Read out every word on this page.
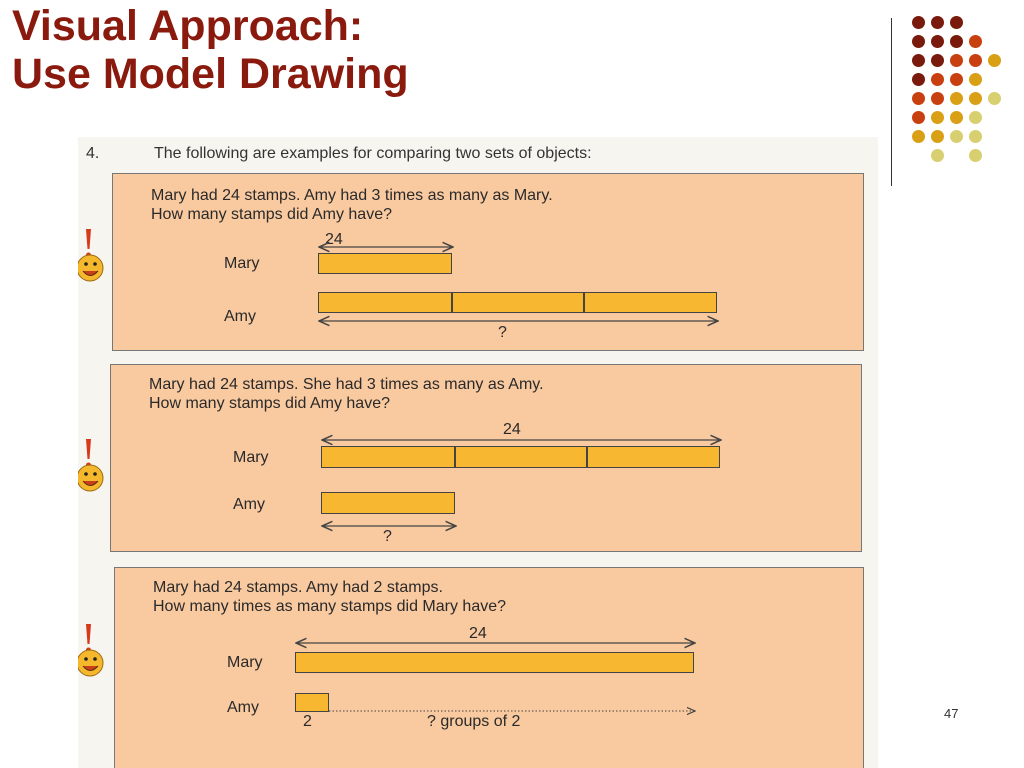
Visual Approach:
Use Model Drawing
4.	The following are examples for comparing two sets of objects:
Mary had 24 stamps. Amy had 3 times as many as Mary.
How many stamps did Amy have?
24
Mary
Amy
?
Mary had 24 stamps. She had 3 times as many as Amy.
How many stamps did Amy have?
24
Mary
Amy
?
Mary had 24 stamps. Amy had 2 stamps.
How many times as many stamps did Mary have?
24
Mary
Amy
2	? groups of 2	47
